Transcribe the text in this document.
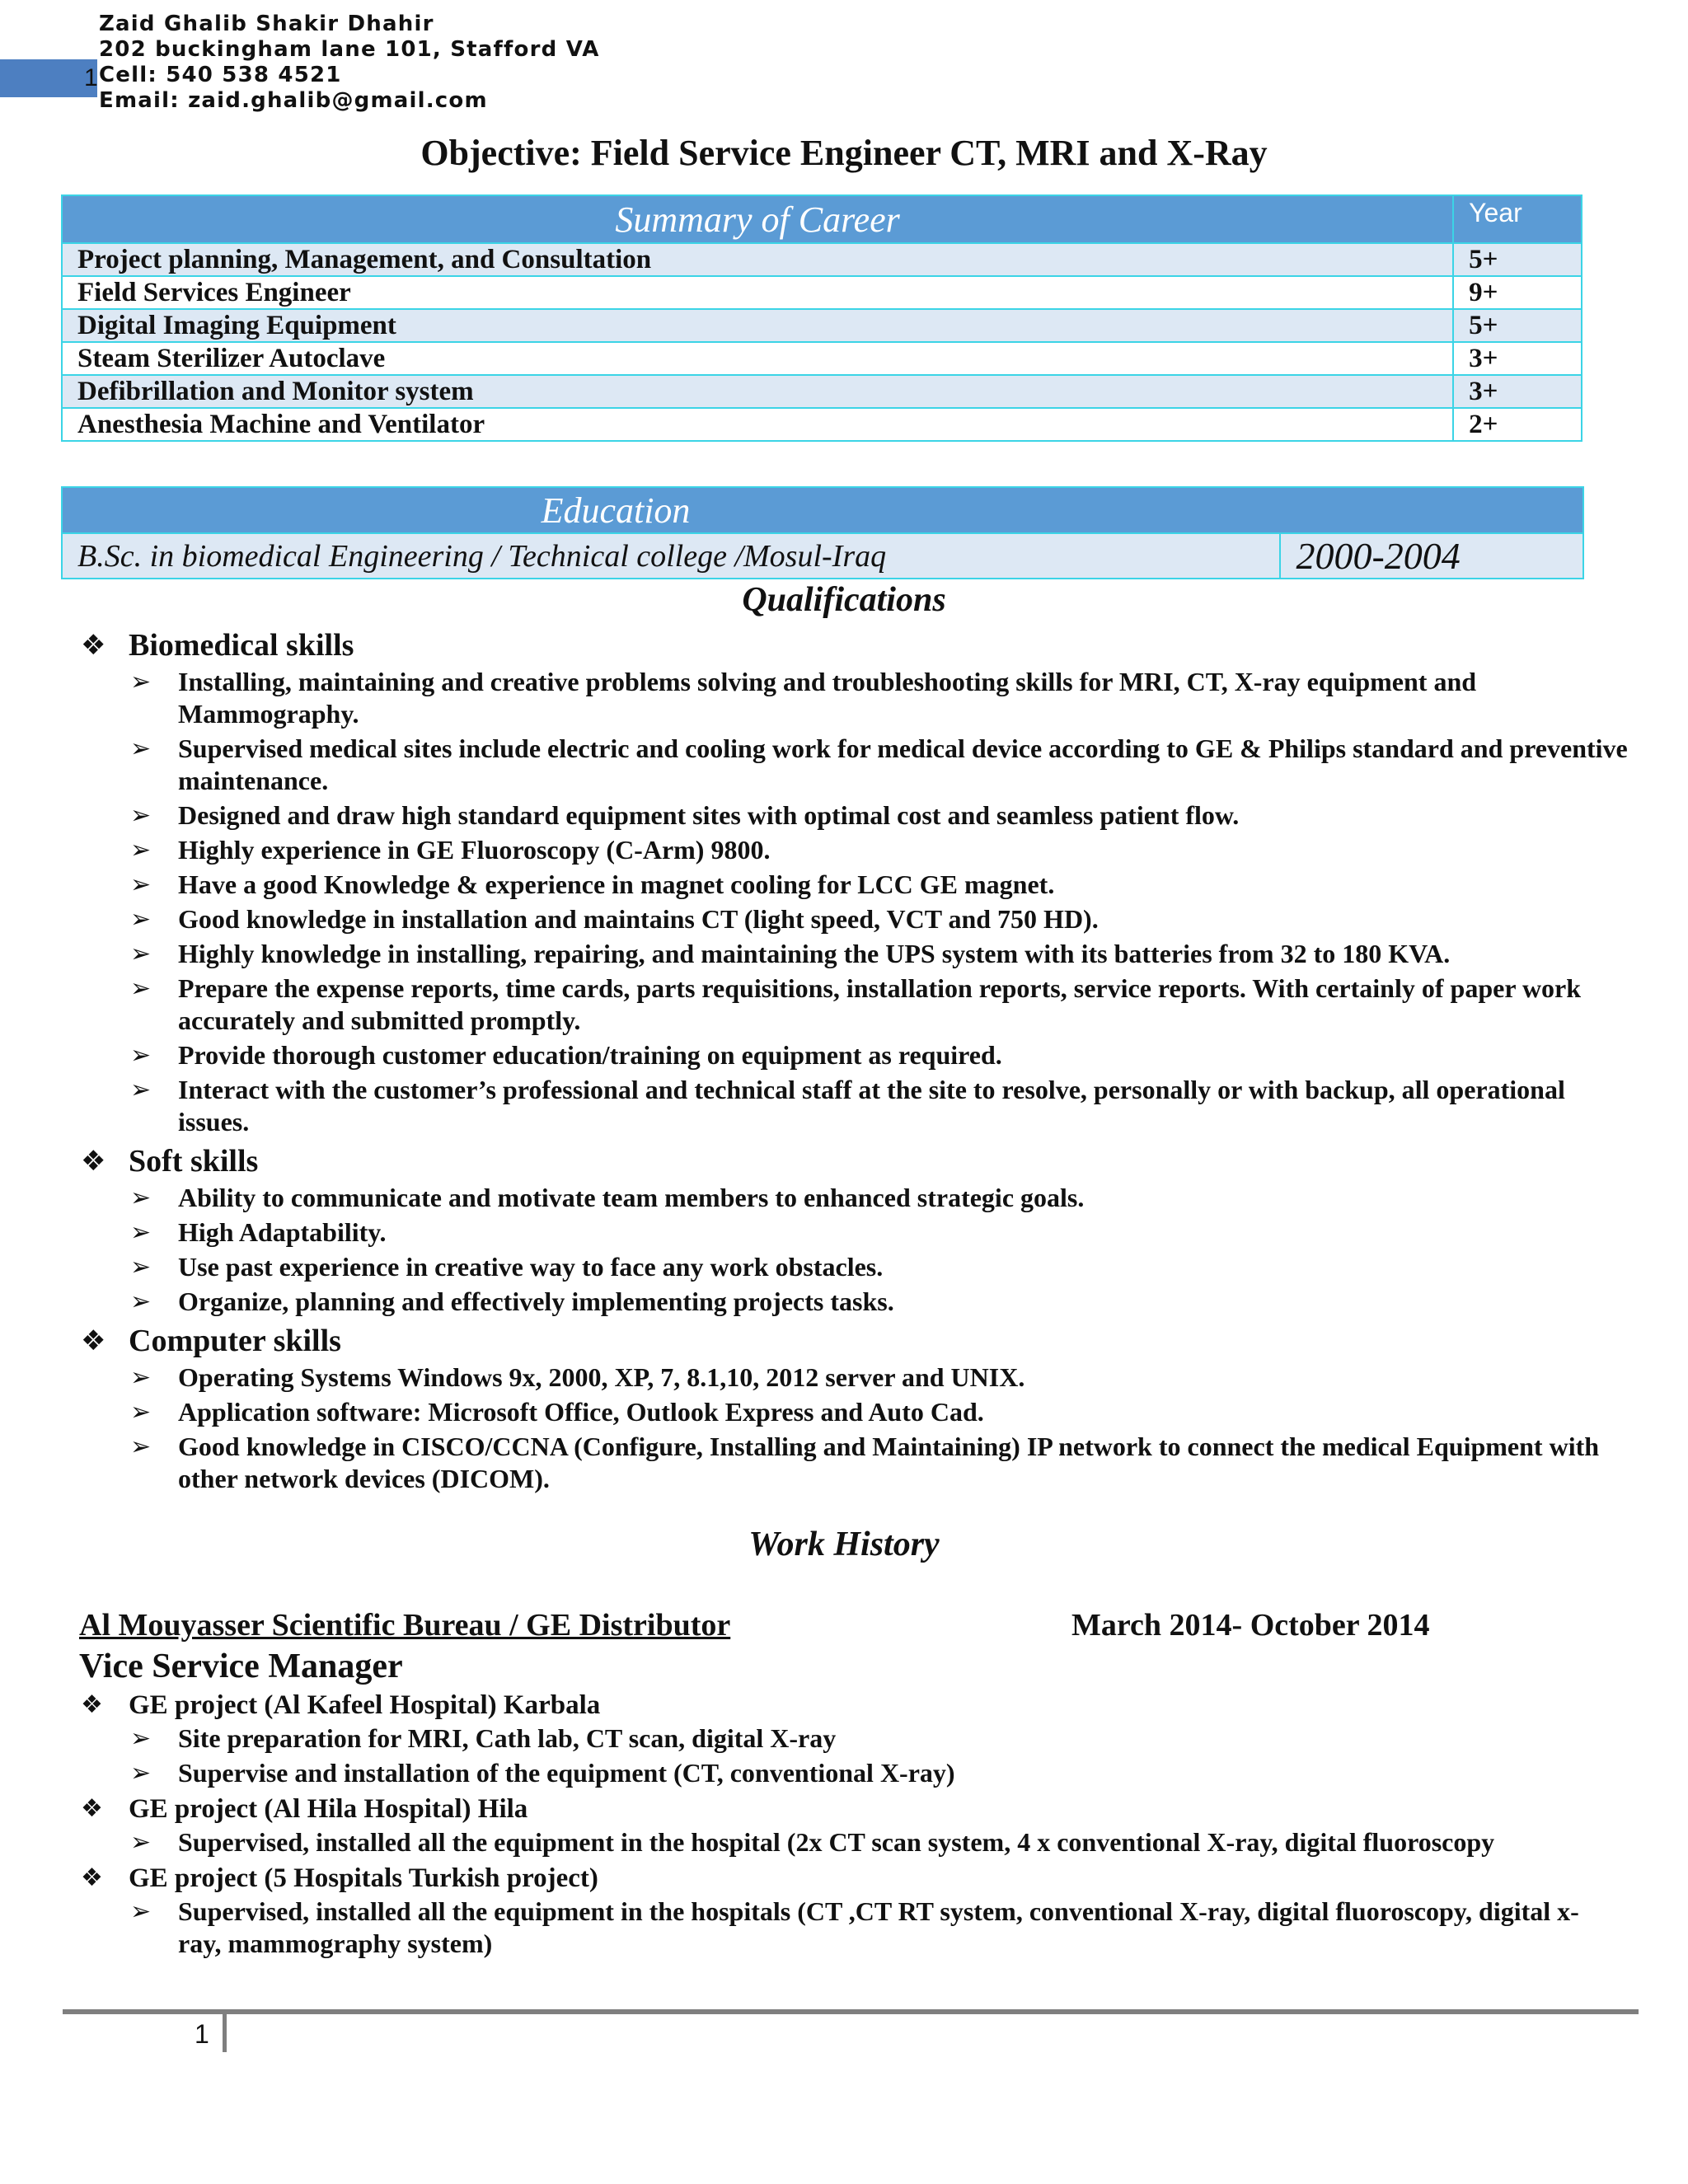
1
Zaid Ghalib Shakir Dhahir
202 buckingham lane 101, Stafford VA
Cell: 540 538 4521
Email: zaid.ghalib@gmail.com
Objective: Field Service Engineer CT, MRI and X-Ray
Summary of Career	Year
Project planning, Management, and Consultation	5+
Field Services Engineer	9+
Digital Imaging Equipment	5+
Steam Sterilizer Autoclave	3+
Defibrillation and Monitor system	3+
Anesthesia Machine and Ventilator	2+
Education
B.Sc. in biomedical Engineering / Technical college /Mosul-Iraq	2000-2004
Qualifications
❖ Biomedical skills
➢ Installing, maintaining and creative problems solving and troubleshooting skills for MRI, CT, X-ray equipment and Mammography.
➢ Supervised medical sites include electric and cooling work for medical device according to GE & Philips standard and preventive maintenance.
➢ Designed and draw high standard equipment sites with optimal cost and seamless patient flow.
➢ Highly experience in GE Fluoroscopy (C-Arm) 9800.
➢ Have a good Knowledge & experience in magnet cooling for LCC GE magnet.
➢ Good knowledge in installation and maintains CT (light speed, VCT and 750 HD).
➢ Highly knowledge in installing, repairing, and maintaining the UPS system with its batteries from 32 to 180 KVA.
➢ Prepare the expense reports, time cards, parts requisitions, installation reports, service reports. With certainly of paper work accurately and submitted promptly.
➢ Provide thorough customer education/training on equipment as required.
➢ Interact with the customer’s professional and technical staff at the site to resolve, personally or with backup, all operational issues.
❖ Soft skills
➢ Ability to communicate and motivate team members to enhanced strategic goals.
➢ High Adaptability.
➢ Use past experience in creative way to face any work obstacles.
➢ Organize, planning and effectively implementing projects tasks.
❖ Computer skills
➢ Operating Systems Windows 9x, 2000, XP, 7, 8.1,10, 2012 server and UNIX.
➢ Application software: Microsoft Office, Outlook Express and Auto Cad.
➢ Good knowledge in CISCO/CCNA (Configure, Installing and Maintaining) IP network to connect the medical Equipment with other network devices (DICOM).
Work History
Al Mouyasser Scientific Bureau / GE Distributor	March 2014- October 2014
Vice Service Manager
❖ GE project (Al Kafeel Hospital) Karbala
➢ Site preparation for MRI, Cath lab, CT scan, digital X-ray
➢ Supervise and installation of the equipment (CT, conventional X-ray)
❖ GE project (Al Hila Hospital) Hila
➢ Supervised, installed all the equipment in the hospital (2x CT scan system, 4 x conventional X-ray, digital fluoroscopy
❖ GE project (5 Hospitals Turkish project)
➢ Supervised, installed all the equipment in the hospitals (CT ,CT RT system, conventional X-ray, digital fluoroscopy, digital x- ray, mammography system)
1
